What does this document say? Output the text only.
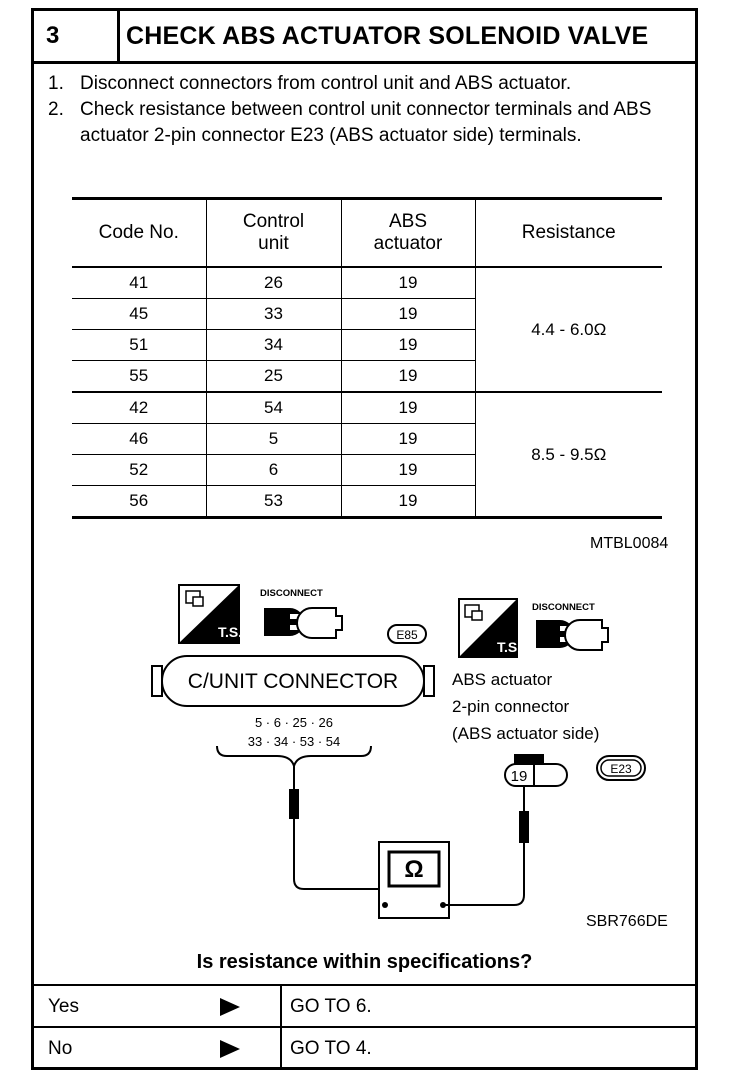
3	CHECK ABS ACTUATOR SOLENOID VALVE
1. Disconnect connectors from control unit and ABS actuator.
2. Check resistance between control unit connector terminals and ABS actuator 2-pin connector E23 (ABS actuator side) terminals.
Code No.	Control unit	ABS actuator	Resistance
41	26	19	4.4 - 6.0Ω
45	33	19	
51	34	19	
55	25	19	
42	54	19	8.5 - 9.5Ω
46	5	19	
52	6	19	
56	53	19	
MTBL0084
T.S.
DISCONNECT
E85
C/UNIT CONNECTOR
5 · 6 · 25 · 26
33 · 34 · 53 · 54
Ω
T.S.
DISCONNECT
ABS actuator
2-pin connector
(ABS actuator side)
19	E23
SBR766DE
Is resistance within specifications?
Yes	GO TO 6.
No	GO TO 4.
